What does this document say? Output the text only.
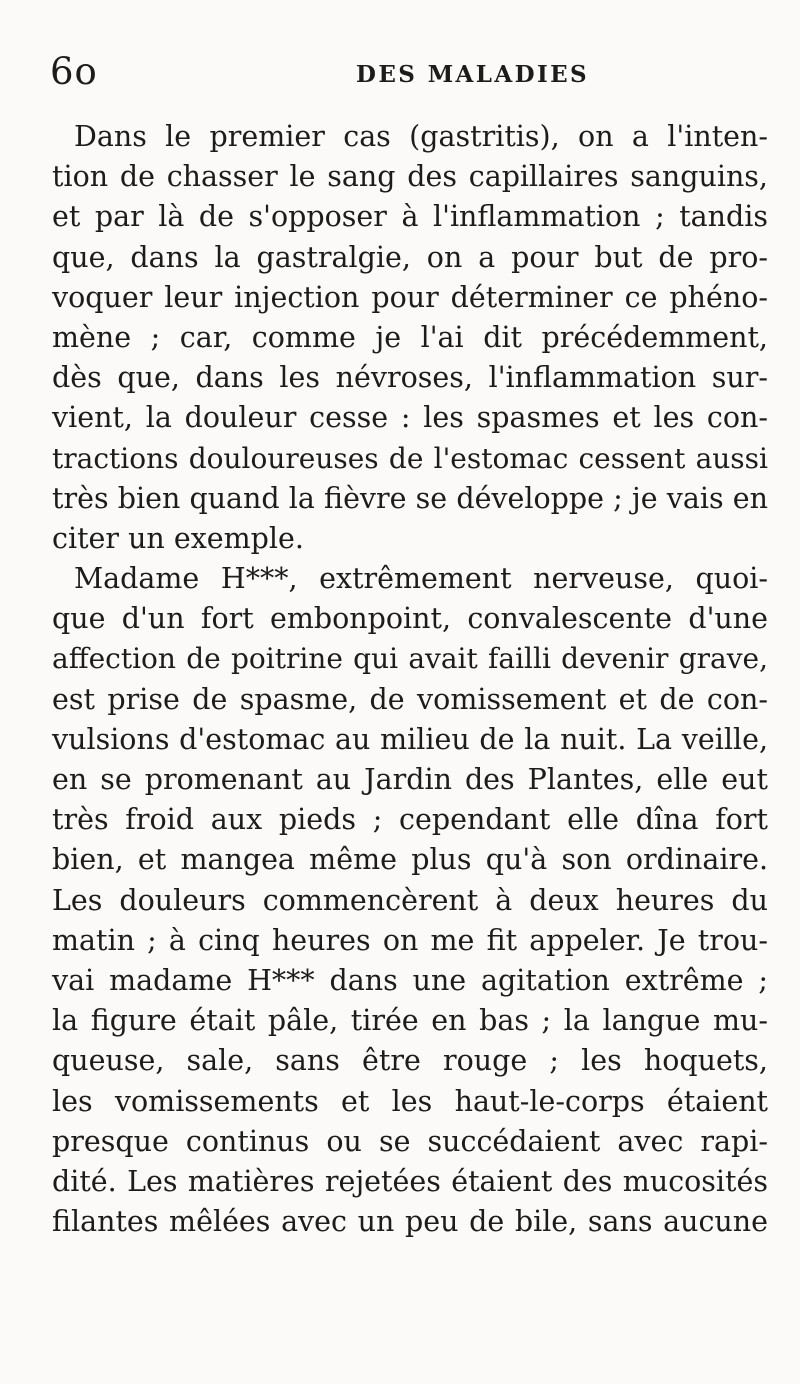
6o	DES MALADIES
Dans le premier cas (gastritis), on a l'inten-
tion de chasser le sang des capillaires sanguins,
et par là de s'opposer à l'inflammation ; tandis
que, dans la gastralgie, on a pour but de pro-
voquer leur injection pour déterminer ce phéno-
mène ; car, comme je l'ai dit précédemment,
dès que, dans les névroses, l'inflammation sur-
vient, la douleur cesse : les spasmes et les con-
tractions douloureuses de l'estomac cessent aussi
très bien quand la fièvre se développe ; je vais en
citer un exemple.
Madame H***, extrêmement nerveuse, quoi-
que d'un fort embonpoint, convalescente d'une
affection de poitrine qui avait failli devenir grave,
est prise de spasme, de vomissement et de con-
vulsions d'estomac au milieu de la nuit. La veille,
en se promenant au Jardin des Plantes, elle eut
très froid aux pieds ; cependant elle dîna fort
bien, et mangea même plus qu'à son ordinaire.
Les douleurs commencèrent à deux heures du
matin ; à cinq heures on me fit appeler. Je trou-
vai madame H*** dans une agitation extrême ;
la figure était pâle, tirée en bas ; la langue mu-
queuse, sale, sans être rouge ; les hoquets,
les vomissements et les haut-le-corps étaient
presque continus ou se succédaient avec rapi-
dité. Les matières rejetées étaient des mucosités
filantes mêlées avec un peu de bile, sans aucune
